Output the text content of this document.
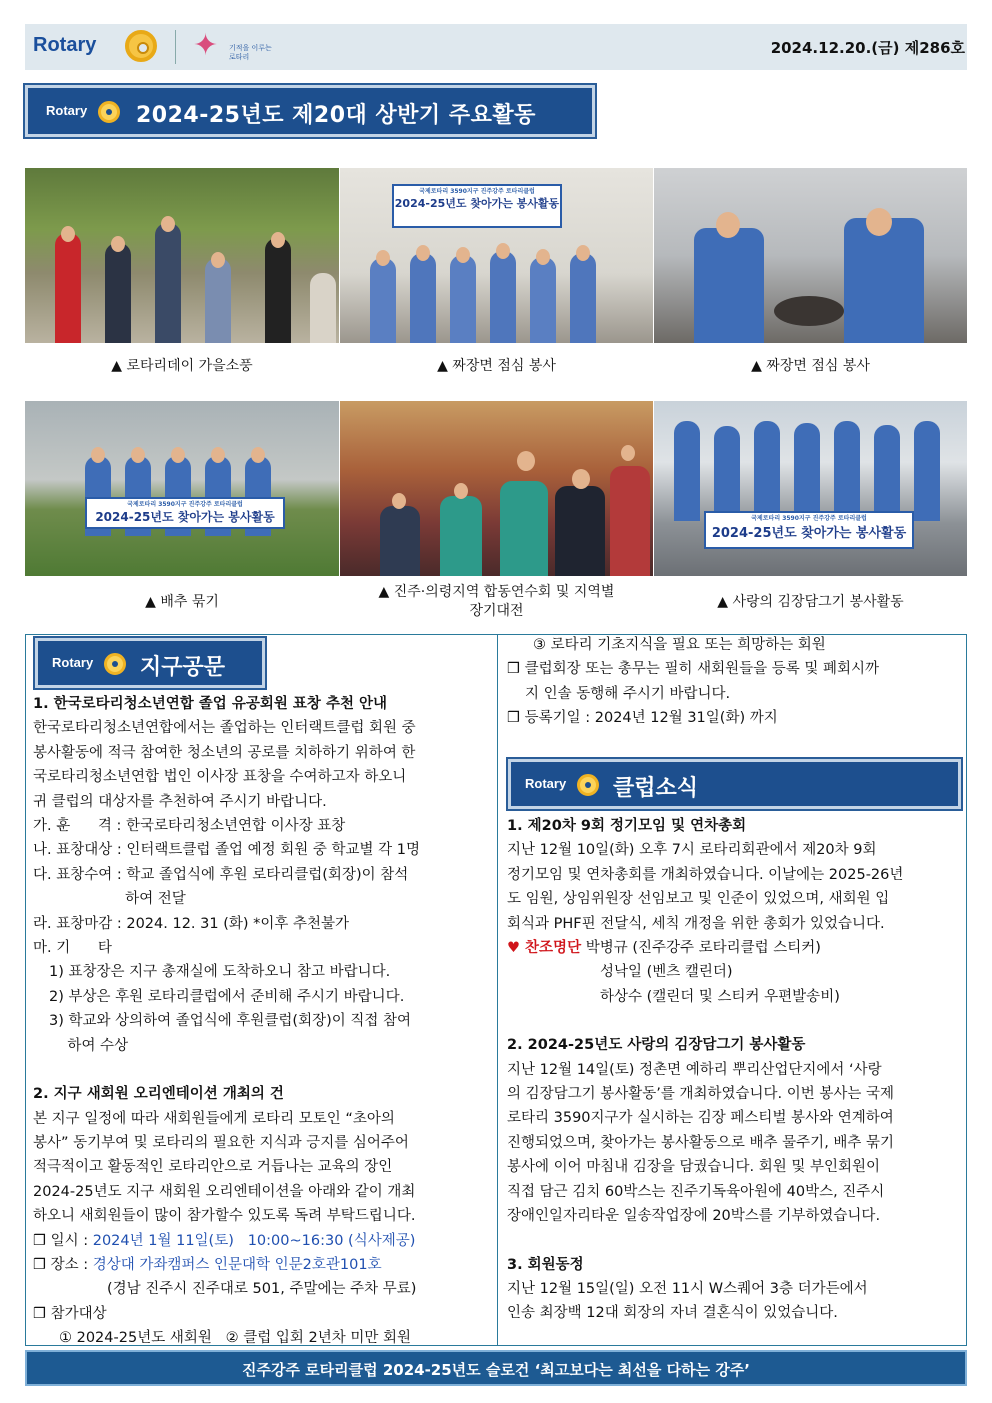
Rotary	✦ 기적을 이루는
로타리	2024.12.20.(금) 제286호
Rotary 2024-25년도 제20대 상반기 주요활동
▲ 로타리데이 가을소풍
국제로타리 3590지구 진주강주 로타리클럽
2024-25년도 찾아가는 봉사활동
▲ 짜장면 점심 봉사	▲ 짜장면 점심 봉사
국제로타리 3590지구 진주강주 로타리클럽
2024-25년도 찾아가는 봉사활동
▲ 배추 묶기
▲ 진주·의령지역 합동연수회 및 지역별
장기대전
국제로타리 3590지구 진주강주 로타리클럽
2024-25년도 찾아가는 봉사활동
▲ 사랑의 김장담그기 봉사활동
Rotary 지구공문

1. 한국로타리청소년연합 졸업 유공회원 표창 추천 안내

한국로타리청소년연합에서는 졸업하는 인터랙트클럽 회원 중

봉사활동에 적극 참여한 청소년의 공로를 치하하기 위하여 한

국로타리청소년연합 법인 이사장 표창을 수여하고자 하오니

귀 클럽의 대상자를 추천하여 주시기 바랍니다.

가. 훈      격 : 한국로타리청소년연합 이사장 표창

나. 표창대상 : 인터랙트클럽 졸업 예정 회원 중 학교별 각 1명

다. 표창수여 : 학교 졸업식에 후원 로타리클럽(회장)이 참석

하여 전달

라. 표창마감 : 2024. 12. 31 (화) *이후 추천불가

마. 기      타

1) 표창장은 지구 총재실에 도착하오니 참고 바랍니다.

2) 부상은 후원 로타리클럽에서 준비해 주시기 바랍니다.

3) 학교와 상의하여 졸업식에 후원클럽(회장)이 직접 참여

하여 수상

2. 지구 새회원 오리엔테이션 개최의 건

본 지구 일정에 따라 새회원들에게 로타리 모토인 “초아의

봉사” 동기부여 및 로타리의 필요한 지식과 긍지를 심어주어

적극적이고 활동적인 로타리안으로 거듭나는 교육의 장인

2024-25년도 지구 새회원 오리엔테이션을 아래와 같이 개최

하오니 새회원들이 많이 참가할수 있도록 독려 부탁드립니다.

❒ 일시 : 2024년 1월 11일(토)   10:00~16:30 (식사제공)

❒ 장소 : 경상대 가좌캠퍼스 인문대학 인문2호관101호

(경남 진주시 진주대로 501, 주말에는 주차 무료)

❒ 참가대상

① 2024-25년도 새회원   ② 클럽 입회 2년차 미만 회원

③ 로타리 기초지식을 필요 또는 희망하는 회원

❒ 클럽회장 또는 총무는 필히 새회원들을 등록 및 폐회시까

지 인솔 동행해 주시기 바랍니다.

❒ 등록기일 : 2024년 12월 31일(화) 까지

Rotary 클럽소식

1. 제20차 9회 정기모임 및 연차총회

지난 12월 10일(화) 오후 7시 로타리회관에서 제20차 9회

정기모임 및 연차총회를 개최하였습니다. 이날에는 2025-26년

도 임원, 상임위원장 선임보고 및 인준이 있었으며, 새회원 입

회식과 PHF핀 전달식, 세칙 개정을 위한 총회가 있었습니다.

♥ 찬조명단 박병규 (진주강주 로타리클럽 스티커)

성낙일 (벤츠 캘린더)

하상수 (캘린더 및 스티커 우편발송비)

2. 2024-25년도 사랑의 김장담그기 봉사활동

지난 12월 14일(토) 정촌면 예하리 뿌리산업단지에서 ‘사랑

의 김장담그기 봉사활동’를 개최하였습니다. 이번 봉사는 국제

로타리 3590지구가 실시하는 김장 페스티벌 봉사와 연계하여

진행되었으며, 찾아가는 봉사활동으로 배추 물주기, 배추 묶기

봉사에 이어 마침내 김장을 담궜습니다. 회원 및 부인회원이

직접 담근 김치 60박스는 진주기독육아원에 40박스, 진주시

장애인일자리타운 일송작업장에 20박스를 기부하였습니다.

3. 회원동정

지난 12월 15일(일) 오전 11시 W스퀘어 3층 더가든에서

인송 최장백 12대 회장의 자녀 결혼식이 있었습니다.

진주강주 로타리클럽 2024-25년도 슬로건 ‘최고보다는 최선을 다하는 강주’
